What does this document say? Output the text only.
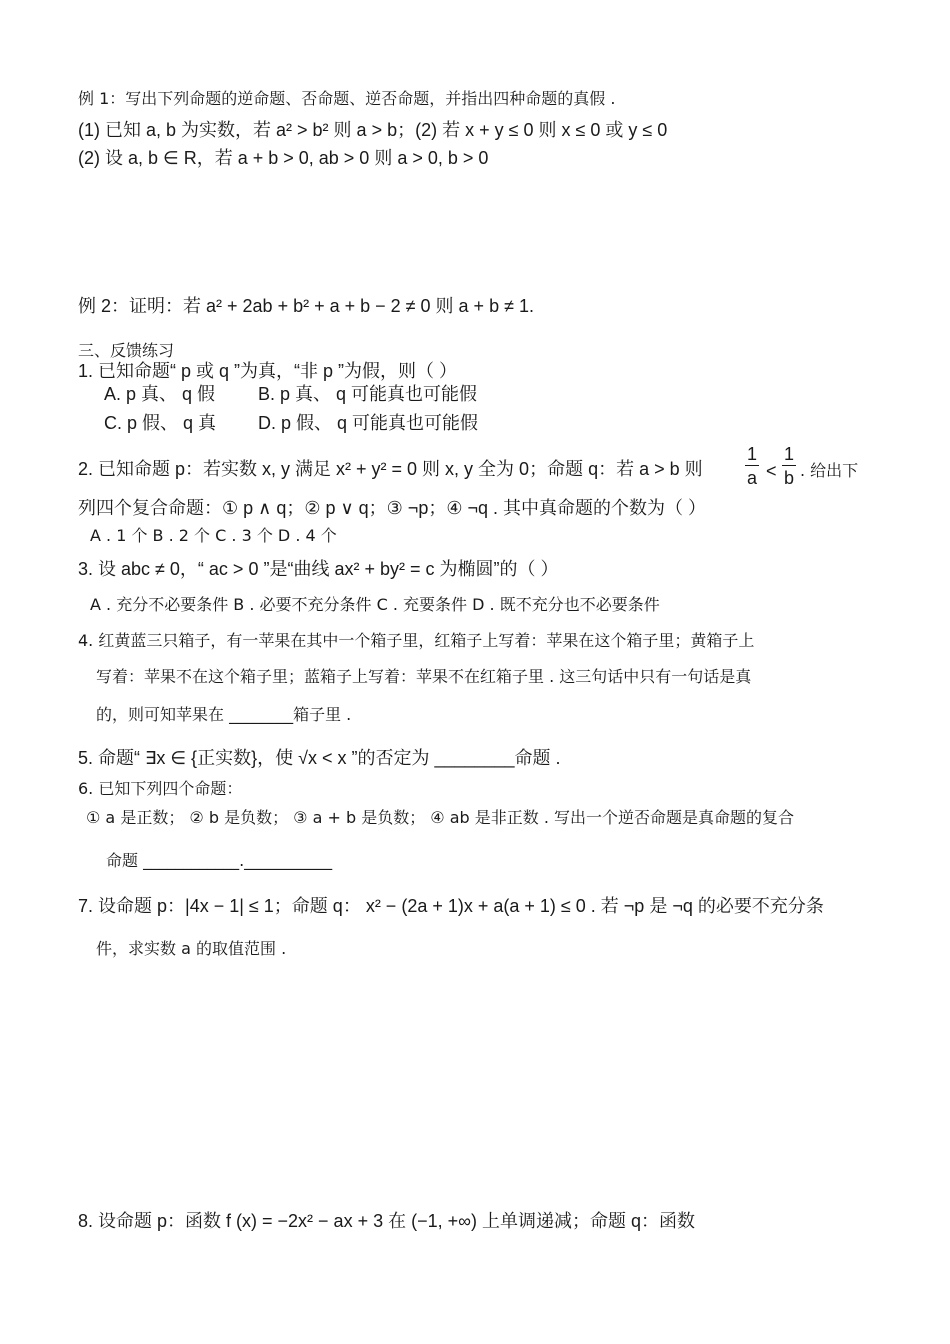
例 1：写出下列命题的逆命题、否命题、逆否命题，并指出四种命题的真假 .
(1) 已知 a, b 为实数，若 a² > b² 则 a > b；(2) 若 x + y ≤ 0 则 x ≤ 0 或 y ≤ 0
(2) 设 a, b ∈ R，若 a + b > 0, ab > 0 则 a > 0, b > 0
例 2：证明：若 a² + 2ab + b² + a + b − 2 ≠ 0 则 a + b ≠ 1.
三、反馈练习
1. 已知命题“ p 或 q ”为真，“非 p ”为假，则（ ）
A. p 真、 q 假 B. p 真、 q 可能真也可能假
C. p 假、 q 真 D. p 假、 q 可能真也可能假
2. 已知命题 p：若实数 x, y 满足 x² + y² = 0 则 x, y 全为 0；命题 q：若 a > b 则 $\frac{1}{a} < \frac{1}{b}$ . 给出下
列四个复合命题：① p ∧ q；② p ∨ q；③ ¬p；④ ¬q . 其中真命题的个数为（ ）
A . 1 个 B . 2 个 C . 3 个 D . 4 个
3. 设 abc ≠ 0，“ ac > 0 ”是“曲线 ax² + by² = c 为椭圆”的（ ）
A . 充分不必要条件 B . 必要不充分条件 C . 充要条件 D . 既不充分也不必要条件
4. 红黄蓝三只箱子，有一苹果在其中一个箱子里，红箱子上写着：苹果在这个箱子里；黄箱子上
写着：苹果不在这个箱子里；蓝箱子上写着：苹果不在红箱子里 . 这三句话中只有一句话是真
的，则可知苹果在 ________箱子里 .
5. 命题“ ∃x ∈ {正实数}，使 √x < x ”的否定为 ________命题 .
6. 已知下列四个命题：
① a 是正数； ② b 是负数； ③ a + b 是负数； ④ ab 是非正数 . 写出一个逆否命题是真命题的复合
命题 ____________.___________
7. 设命题 p：|4x − 1| ≤ 1；命题 q： x² − (2a + 1)x + a(a + 1) ≤ 0 . 若 ¬p 是 ¬q 的必要不充分条
件，求实数 a 的取值范围 .
8. 设命题 p：函数 f (x) = −2x² − ax + 3 在 (−1, +∞) 上单调递减；命题 q：函数
